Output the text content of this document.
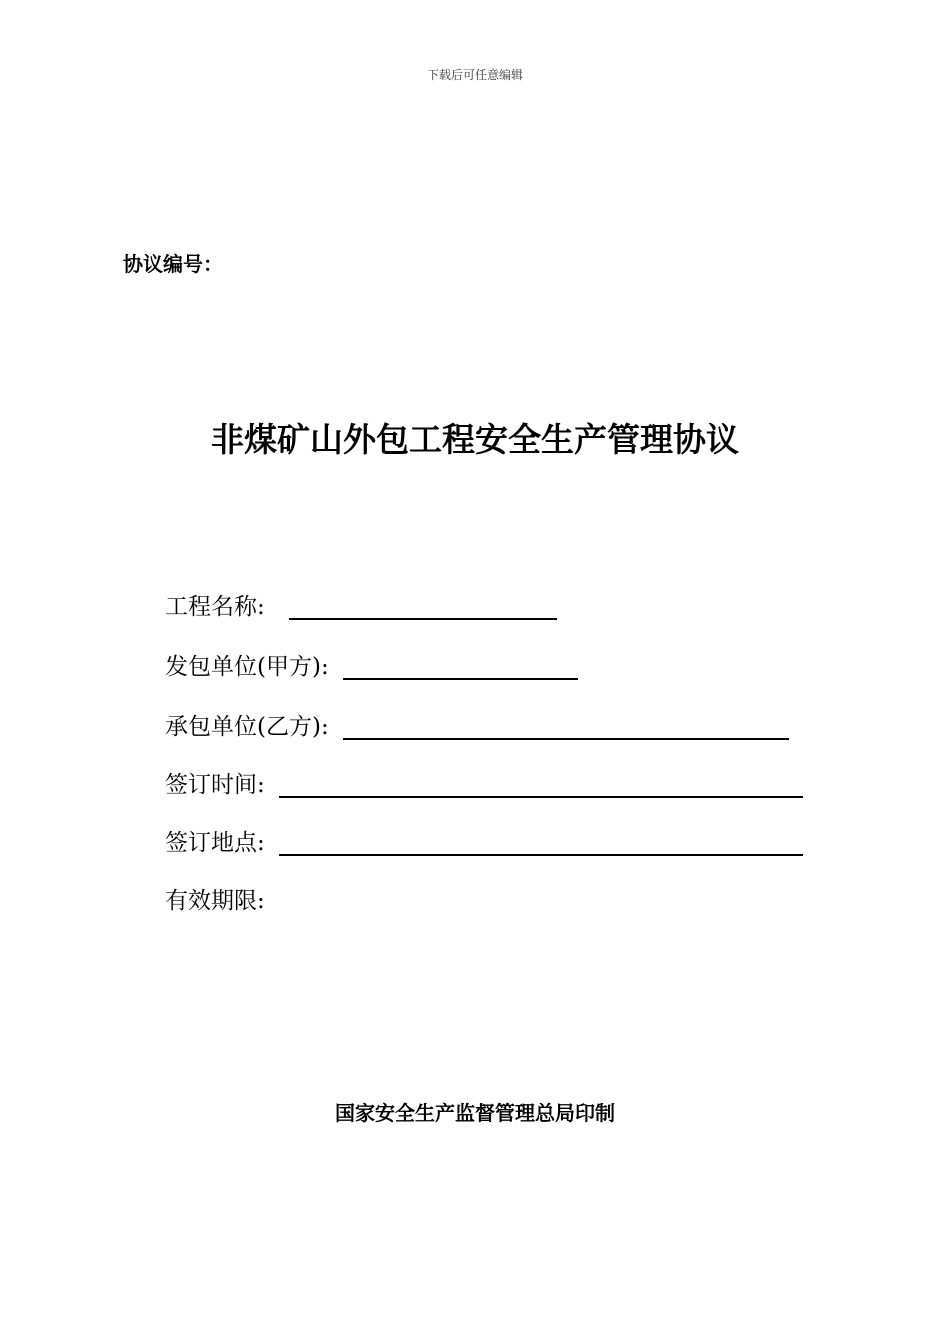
下载后可任意编辑
协议编号：
非煤矿山外包工程安全生产管理协议
工程名称:
发包单位(甲方):
承包单位(乙方):
签订时间:
签订地点:
有效期限:
国家安全生产监督管理总局印制
